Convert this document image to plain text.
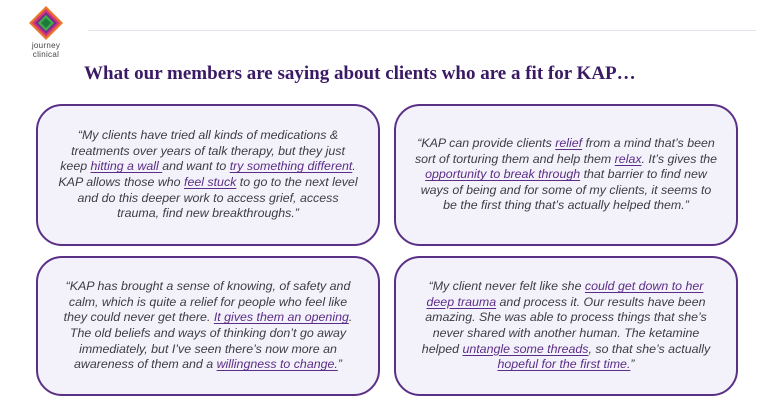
journey
clinical
What our members are saying about clients who are a fit for KAP…

“My clients have tried all kinds of medications & treatments over years of talk therapy, but they just keep hitting a wall and want to try something different. KAP allows those who feel stuck to go to the next level and do this deeper work to access grief, access trauma, find new breakthroughs.”

“KAP can provide clients relief from a mind that’s been sort of torturing them and help them relax. It’s gives the opportunity to break through that barrier to find new ways of being and for some of my clients, it seems to be the first thing that’s actually helped them.”

“KAP has brought a sense of knowing, of safety and calm, which is quite a relief for people who feel like they could never get there. It gives them an opening. The old beliefs and ways of thinking don’t go away immediately, but I’ve seen there’s now more an awareness of them and a willingness to change.”

“My client never felt like she could get down to her deep trauma and process it. Our results have been amazing. She was able to process things that she’s never shared with another human. The ketamine helped untangle some threads, so that she’s actually hopeful for the first time.”
